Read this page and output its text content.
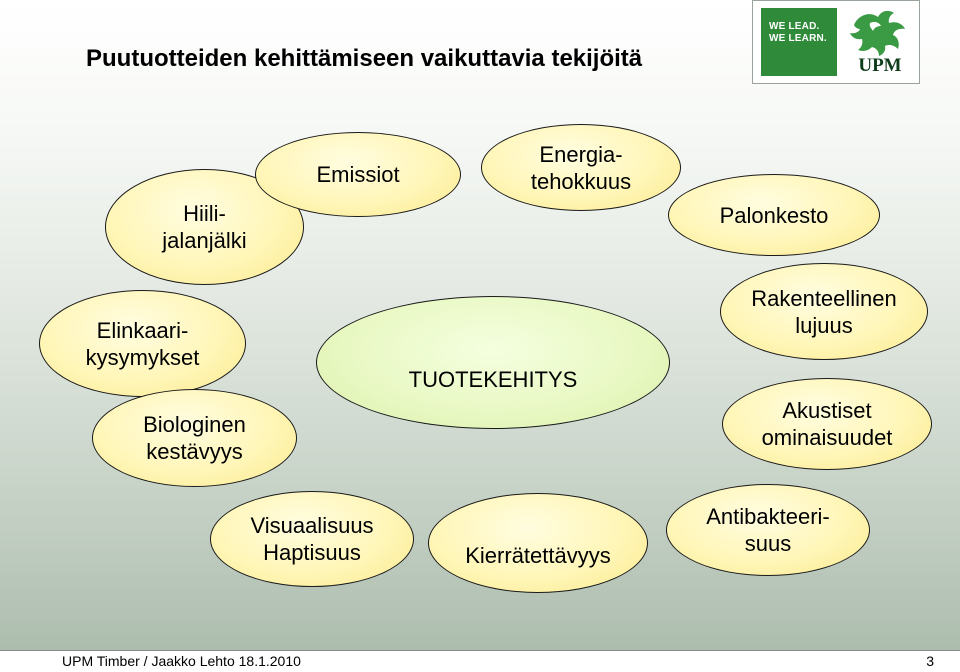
Puutuotteiden kehittämiseen vaikuttavia tekijöitä
WE LEAD.
WE LEARN.
UPM
Hiili-
jalanjälki
Emissiot
Energia-
tehokkuus
Palonkesto
Elinkaari-
kysymykset
TUOTEKEHITYS
Rakenteellinen
lujuus
Biologinen
kestävyys
Akustiset
ominaisuudet
Visuaalisuus
Haptisuus	Kierrätettävyys
Antibakteeri-
suus
UPM Timber / Jaakko Lehto 18.1.2010	3
